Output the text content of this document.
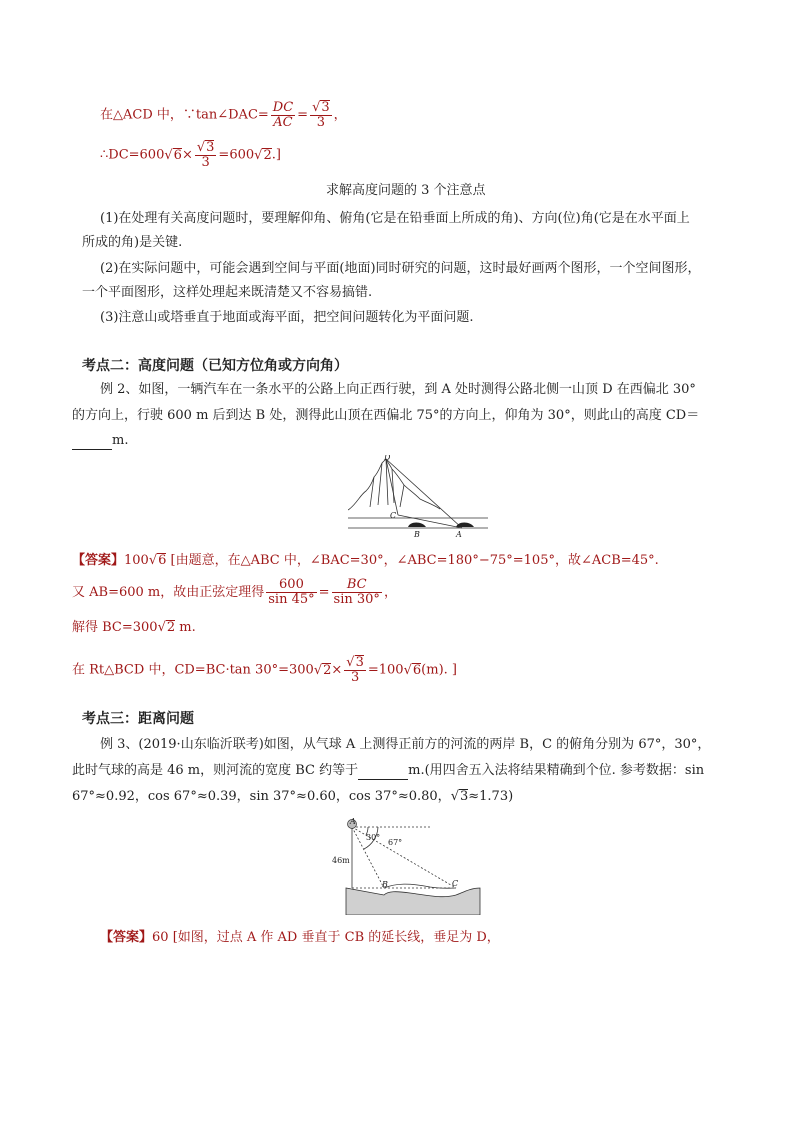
在△ACD 中，∵tan∠DAC= $\frac{DC}{AC} = \frac{√3}{3}$ ，
∴DC=600√6× $\frac{√3}{3} =600√2$.]
求解高度问题的 3 个注意点
(1)在处理有关高度问题时，要理解仰角、俯角(它是在铅垂面上所成的角)、方向(位)角(它是在水平面上
所成的角)是关键.
(2)在实际问题中，可能会遇到空间与平面(地面)同时研究的问题，这时最好画两个图形，一个空间图形，
一个平面图形，这样处理起来既清楚又不容易搞错.
(3)注意山或塔垂直于地面或海平面，把空间问题转化为平面问题.
考点二：高度问题（已知方位角或方向角）
例 2、如图，一辆汽车在一条水平的公路上向正西行驶，到 A 处时测得公路北侧一山顶 D 在西偏北 30°
的方向上，行驶 600 m 后到达 B 处，测得此山顶在西偏北 75°的方向上，仰角为 30°，则此山的高度 CD＝
m.
D
C
B	A
【答案】100√6 [由题意，在△ABC 中，∠BAC=30°，∠ABC=180°−75°=105°，故∠ACB=45°.
又 AB=600 m，故由正弦定理得 $\frac{600}{\sin 45^\circ} = \frac{BC}{\sin 30^\circ}$ ，
解得 BC=300√2 m.
在 Rt△BCD 中，CD=BC·tan $30^\circ=300√2\times \frac{√3}{3} =100√6(m)$. ]
考点三：距离问题
例 3、(2019·山东临沂联考)如图，从气球 A 上测得正前方的河流的两岸 B，C 的俯角分别为 67°，30°，
此时气球的高是 46 m，则河流的宽度 BC 约等于	m.(用四舍五入法将结果精确到个位. 参考数据：sin
67°≈0.92，cos 67°≈0.39，sin 37°≈0.60，cos 37°≈0.80，√3≈1.73)
A
30°
67°
46m
B	C
【答案】60 [如图，过点 A 作 AD 垂直于 CB 的延长线，垂足为 D，
